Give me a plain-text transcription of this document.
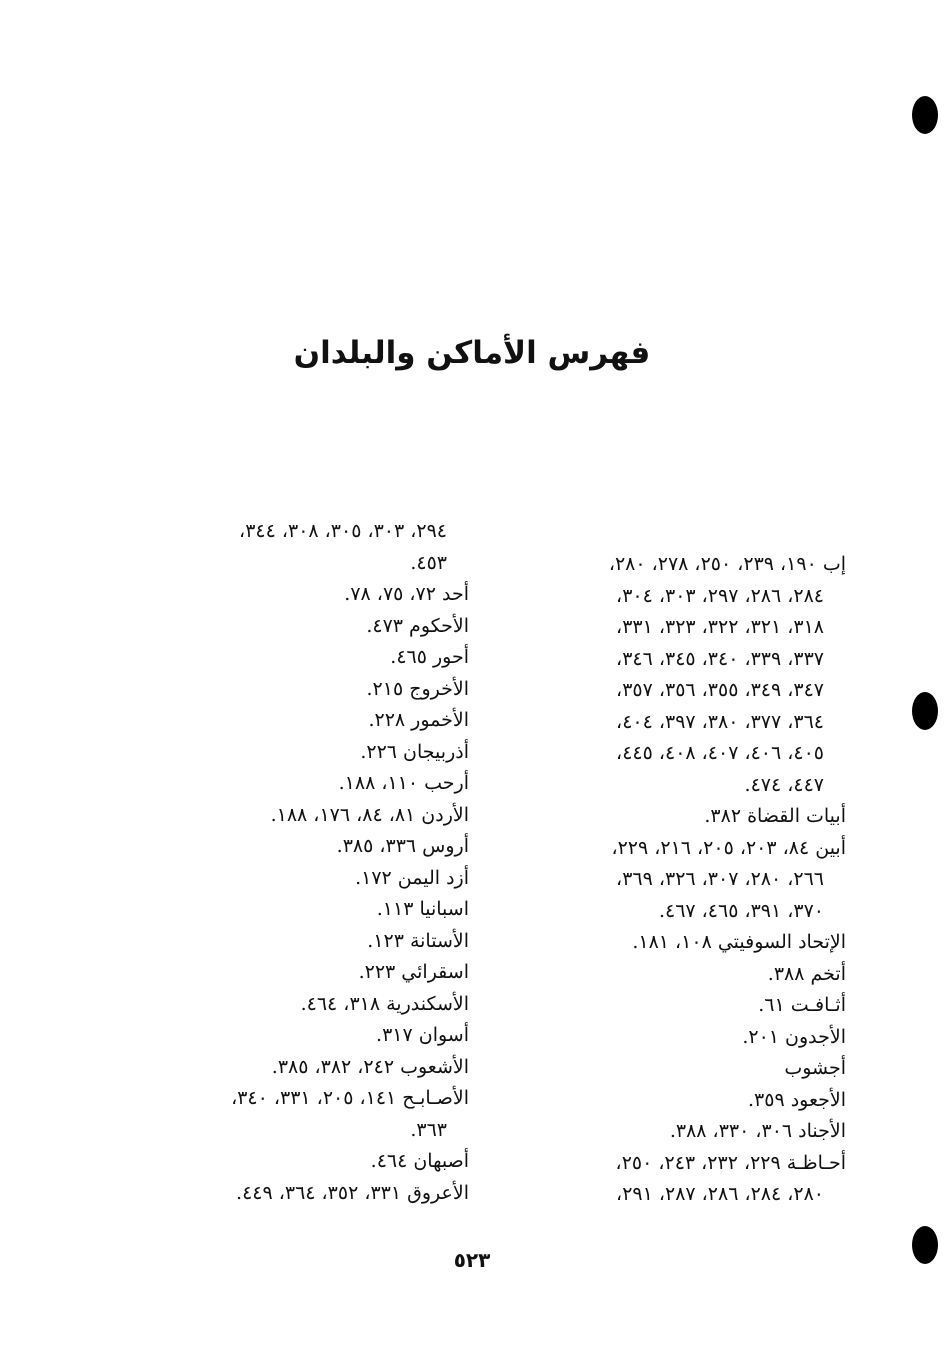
فهرس الأماكن والبلدان
إب ١٩٠، ٢٣٩، ٢٥٠، ٢٧٨، ٢٨٠،
٢٨٤، ٢٨٦، ٢٩٧، ٣٠٣، ٣٠٤،
٣١٨، ٣٢١، ٣٢٢، ٣٢٣، ٣٣١،
٣٣٧، ٣٣٩، ٣٤٠، ٣٤٥، ٣٤٦،
٣٤٧، ٣٤٩، ٣٥٥، ٣٥٦، ٣٥٧،
٣٦٤، ٣٧٧، ٣٨٠، ٣٩٧، ٤٠٤،
٤٠٥، ٤٠٦، ٤٠٧، ٤٠٨، ٤٤٥،
٤٤٧، ٤٧٤.
أبيات القضاة ٣٨٢.
أبين ٨٤، ٢٠٣، ٢٠٥، ٢١٦، ٢٢٩،
٢٦٦، ٢٨٠، ٣٠٧، ٣٢٦، ٣٦٩،
٣٧٠، ٣٩١، ٤٦٥، ٤٦٧.
الإتحاد السوفيتي ١٠٨، ١٨١.
أتخم ٣٨٨.
أثـافـت ٦١.
الأجدون ٢٠١.
أجشوب
الأجعود ٣٥٩.
الأجناد ٣٠٦، ٣٣٠، ٣٨٨.
أحـاظـة ٢٢٩، ٢٣٢، ٢٤٣، ٢٥٠،
٢٨٠، ٢٨٤، ٢٨٦، ٢٨٧، ٢٩١،
٢٩٤، ٣٠٣، ٣٠٥، ٣٠٨، ٣٤٤،
٤٥٣.
أحد ٧٢، ٧٥، ٧٨.
الأحكوم ٤٧٣.
أحور ٤٦٥.
الأخروج ٢١٥.
الأخمور ٢٢٨.
أذربيجان ٢٢٦.
أرحب ١١٠، ١٨٨.
الأردن ٨١، ٨٤، ١٧٦، ١٨٨.
أروس ٣٣٦، ٣٨٥.
أزد اليمن ١٧٢.
اسبانيا ١١٣.
الأستانة ١٢٣.
اسقرائي ٢٢٣.
الأسكندرية ٣١٨، ٤٦٤.
أسوان ٣١٧.
الأشعوب ٢٤٢، ٣٨٢، ٣٨٥.
الأصـابـح ١٤١، ٢٠٥، ٣٣١، ٣٤٠،
٣٦٣.
أصبهان ٤٦٤.
الأعروق ٣٣١، ٣٥٢، ٣٦٤، ٤٤٩.
٥٢٣
